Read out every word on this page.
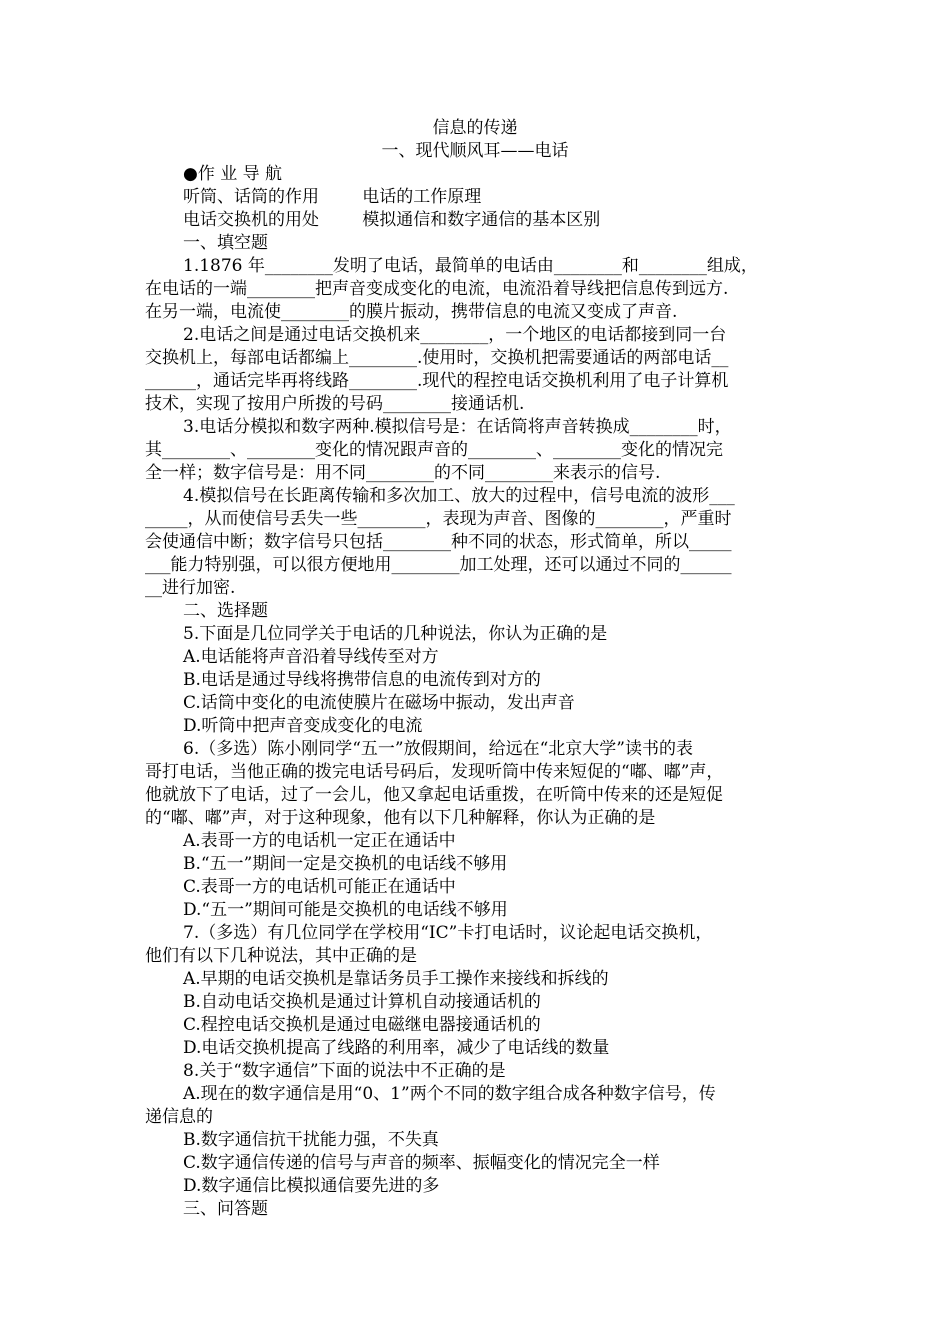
信息的传递
一、现代顺风耳——电话
●作 业 导 航
听筒、话筒的作用        电话的工作原理
电话交换机的用处        模拟通信和数字通信的基本区别
一、填空题
1.1876 年________发明了电话，最简单的电话由________和________组成，
在电话的一端________把声音变成变化的电流，电流沿着导线把信息传到远方.
在另一端，电流使________的膜片振动，携带信息的电流又变成了声音.
2.电话之间是通过电话交换机来________，一个地区的电话都接到同一台
交换机上，每部电话都编上________.使用时，交换机把需要通话的两部电话__
______，通话完毕再将线路________.现代的程控电话交换机利用了电子计算机
技术，实现了按用户所拨的号码________接通话机.
3.电话分模拟和数字两种.模拟信号是：在话筒将声音转换成________时，
其________、________变化的情况跟声音的________、________变化的情况完
全一样；数字信号是：用不同________的不同________来表示的信号.
4.模拟信号在长距离传输和多次加工、放大的过程中，信号电流的波形___
_____，从而使信号丢失一些________，表现为声音、图像的________，严重时
会使通信中断；数字信号只包括________种不同的状态，形式简单，所以_____
___能力特别强，可以很方便地用________加工处理，还可以通过不同的______
__进行加密.
二、选择题
5.下面是几位同学关于电话的几种说法，你认为正确的是
A.电话能将声音沿着导线传至对方
B.电话是通过导线将携带信息的电流传到对方的
C.话筒中变化的电流使膜片在磁场中振动，发出声音
D.听筒中把声音变成变化的电流
6.（多选）陈小刚同学“五一”放假期间，给远在“北京大学”读书的表
哥打电话，当他正确的拨完电话号码后，发现听筒中传来短促的“嘟、嘟”声，
他就放下了电话，过了一会儿，他又拿起电话重拨，在听筒中传来的还是短促
的“嘟、嘟”声，对于这种现象，他有以下几种解释，你认为正确的是
A.表哥一方的电话机一定正在通话中
B.“五一”期间一定是交换机的电话线不够用
C.表哥一方的电话机可能正在通话中
D.“五一”期间可能是交换机的电话线不够用
7.（多选）有几位同学在学校用“IC”卡打电话时，议论起电话交换机，
他们有以下几种说法，其中正确的是
A.早期的电话交换机是靠话务员手工操作来接线和拆线的
B.自动电话交换机是通过计算机自动接通话机的
C.程控电话交换机是通过电磁继电器接通话机的
D.电话交换机提高了线路的利用率，减少了电话线的数量
8.关于“数字通信”下面的说法中不正确的是
A.现在的数字通信是用“0、1”两个不同的数字组合成各种数字信号，传
递信息的
B.数字通信抗干扰能力强，不失真
C.数字通信传递的信号与声音的频率、振幅变化的情况完全一样
D.数字通信比模拟通信要先进的多
三、问答题
